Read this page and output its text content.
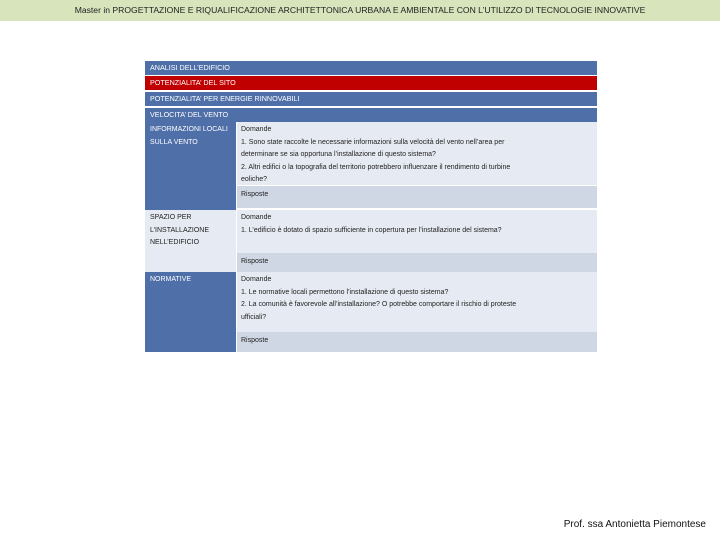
Master in PROGETTAZIONE E RIQUALIFICAZIONE ARCHITETTONICA URBANA E AMBIENTALE CON L’UTILIZZO DI TECNOLOGIE INNOVATIVE
ANALISI DELL’EDIFICIO
POTENZIALITA’ DEL SITO
POTENZIALITA’ PER ENERGIE RINNOVABILI
VELOCITA’ DEL VENTO
INFORMAZIONI LOCALI SULLA VENTO
Domande
1. Sono state raccolte le necessarie informazioni sulla velocità del vento nell’area per
determinare se sia opportuna l’installazione di questo sistema?
2. Altri edifici o la topografia del territorio potrebbero influenzare il rendimento di turbine
eoliche?
Risposte
SPAZIO PER L’INSTALLAZIONE NELL’EDIFICIO
Domande
1. L’edificio è dotato di spazio sufficiente in copertura per l’installazione del sistema?
Risposte
NORMATIVE	Domande
1. Le normative locali permettono l’installazione di questo sistema?
2. La comunità è favorevole all’installazione? O potrebbe comportare il rischio di proteste
ufficiali?
Risposte
Prof. ssa Antonietta Piemontese
